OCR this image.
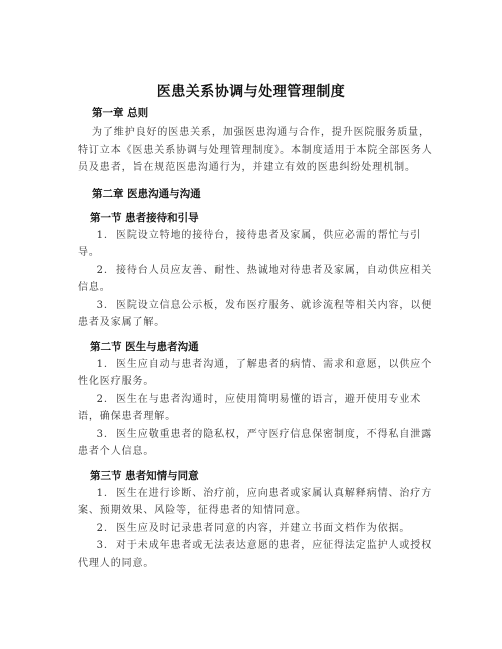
医患关系协调与处理管理制度
第一章 总则

为了维护良好的医患关系，加强医患沟通与合作，提升医院服务质量，特订立本《医患关系协调与处理管理制度》。本制度适用于本院全部医务人员及患者，旨在规范医患沟通行为，并建立有效的医患纠纷处理机制。

第二章 医患沟通与沟通
第一节 患者接待和引导

1. 医院设立特地的接待台，接待患者及家属，供应必需的帮忙与引导。

2. 接待台人员应友善、耐性、热诚地对待患者及家属，自动供应相关信息。

3. 医院设立信息公示板，发布医疗服务、就诊流程等相关内容，以便患者及家属了解。

第二节 医生与患者沟通

1. 医生应自动与患者沟通，了解患者的病情、需求和意愿，以供应个性化医疗服务。

2. 医生在与患者沟通时，应使用简明易懂的语言，避开使用专业术语，确保患者理解。

3. 医生应敬重患者的隐私权，严守医疗信息保密制度，不得私自泄露患者个人信息。

第三节 患者知情与同意

1. 医生在进行诊断、治疗前，应向患者或家属认真解释病情、治疗方案、预期效果、风险等，征得患者的知情同意。

2. 医生应及时记录患者同意的内容，并建立书面文档作为依据。

3. 对于未成年患者或无法表达意愿的患者，应征得法定监护人或授权代理人的同意。
